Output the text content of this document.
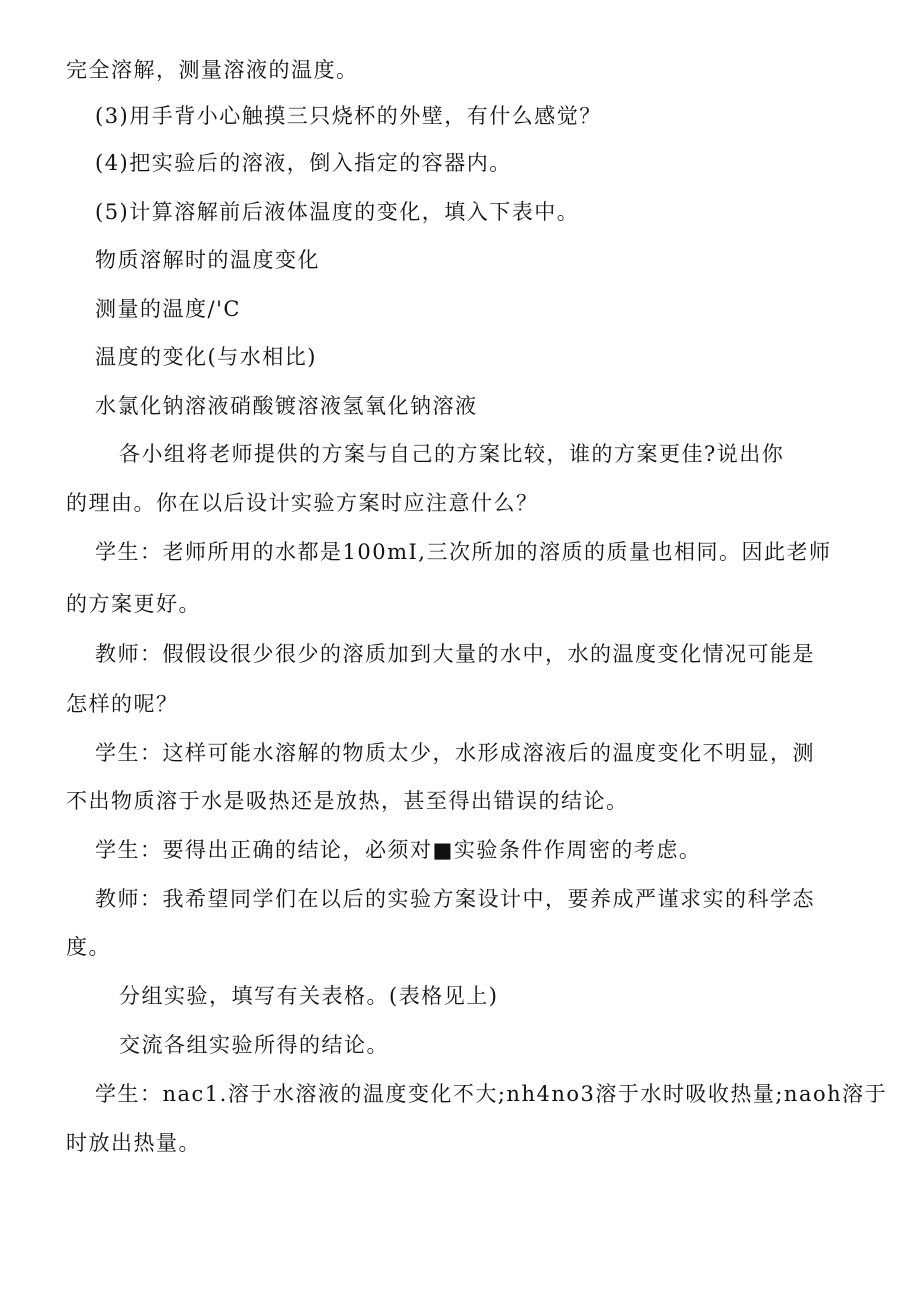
完全溶解，测量溶液的温度。
(3)用手背小心触摸三只烧杯的外壁，有什么感觉？
(4)把实验后的溶液，倒入指定的容器内。
(5)计算溶解前后液体温度的变化，填入下表中。
物质溶解时的温度变化
测量的温度/'C
温度的变化(与水相比)
水氯化钠溶液硝酸镀溶液氢氧化钠溶液
各小组将老师提供的方案与自己的方案比较，谁的方案更佳?说出你
的理由。你在以后设计实验方案时应注意什么？
学生：老师所用的水都是100mI,三次所加的溶质的质量也相同。因此老师
的方案更好。
教师：假假设很少很少的溶质加到大量的水中，水的温度变化情况可能是
怎样的呢？
学生：这样可能水溶解的物质太少，水形成溶液后的温度变化不明显，测
不出物质溶于水是吸热还是放热，甚至得出错误的结论。
学生：要得出正确的结论，必须对■实验条件作周密的考虑。
教师：我希望同学们在以后的实验方案设计中，要养成严谨求实的科学态
度。
分组实验，填写有关表格。(表格见上)
交流各组实验所得的结论。
学生：nac1.溶于水溶液的温度变化不大;nh4no3溶于水时吸收热量;naoh溶于
时放出热量。
